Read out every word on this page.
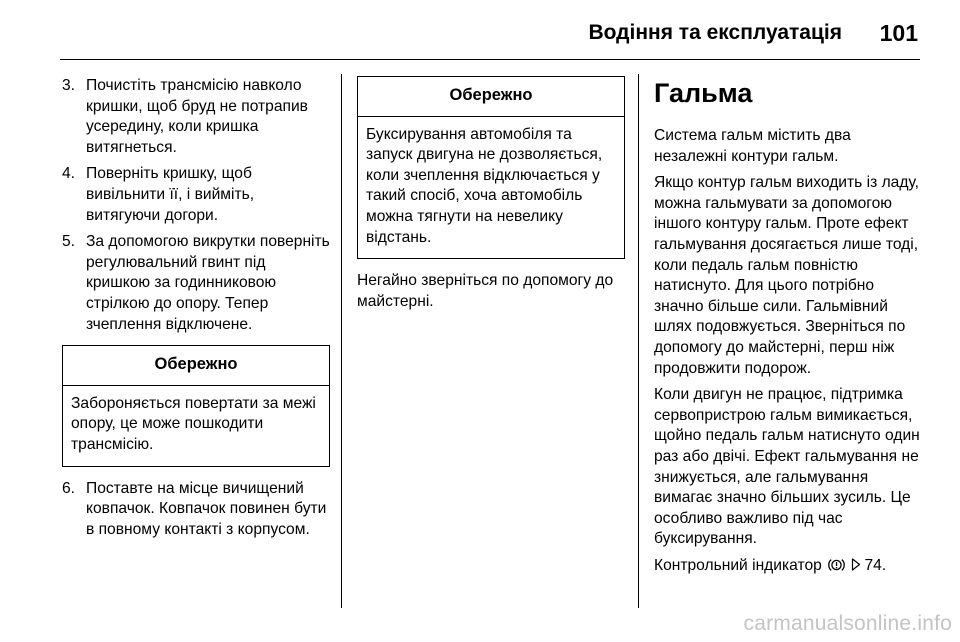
Водіння та експлуатація 101
3. Почистіть трансмісію навколо кришки, щоб бруд не потрапив усередину, коли кришка витягнеться.
4. Поверніть кришку, щоб вивільнити її, і вийміть, витягуючи догори.
5. За допомогою викрутки поверніть регулювальний гвинт під кришкою за годинниковою стрілкою до опору. Тепер зчеплення відключене.
Обережно
Забороняється повертати за межі опору, це може пошкодити трансмісію.
6. Поставте на місце вичищений ковпачок. Ковпачок повинен бути в повному контакті з корпусом.
Обережно
Буксирування автомобіля та запуск двигуна не дозволяється, коли зчеплення відключається у такий спосіб, хоча автомобіль можна тягнути на невелику відстань.

Негайно зверніться по допомогу до майстерні.

Гальма

Система гальм містить два незалежні контури гальм.

Якщо контур гальм виходить із ладу, можна гальмувати за допомогою іншого контуру гальм. Проте ефект гальмування досягається лише тоді, коли педаль гальм повністю натиснуто. Для цього потрібно значно більше сили. Гальмівний шлях подовжується. Зверніться по допомогу до майстерні, перш ніж продовжити подорож.

Коли двигун не працює, підтримка сервопристрою гальм вимикається, щойно педаль гальм натиснуто один раз або двічі. Ефект гальмування не знижується, але гальмування вимагає значно більших зусиль. Це особливо важливо під час буксирування.

Контрольний індикатор	74.

carmanualsonline.info
